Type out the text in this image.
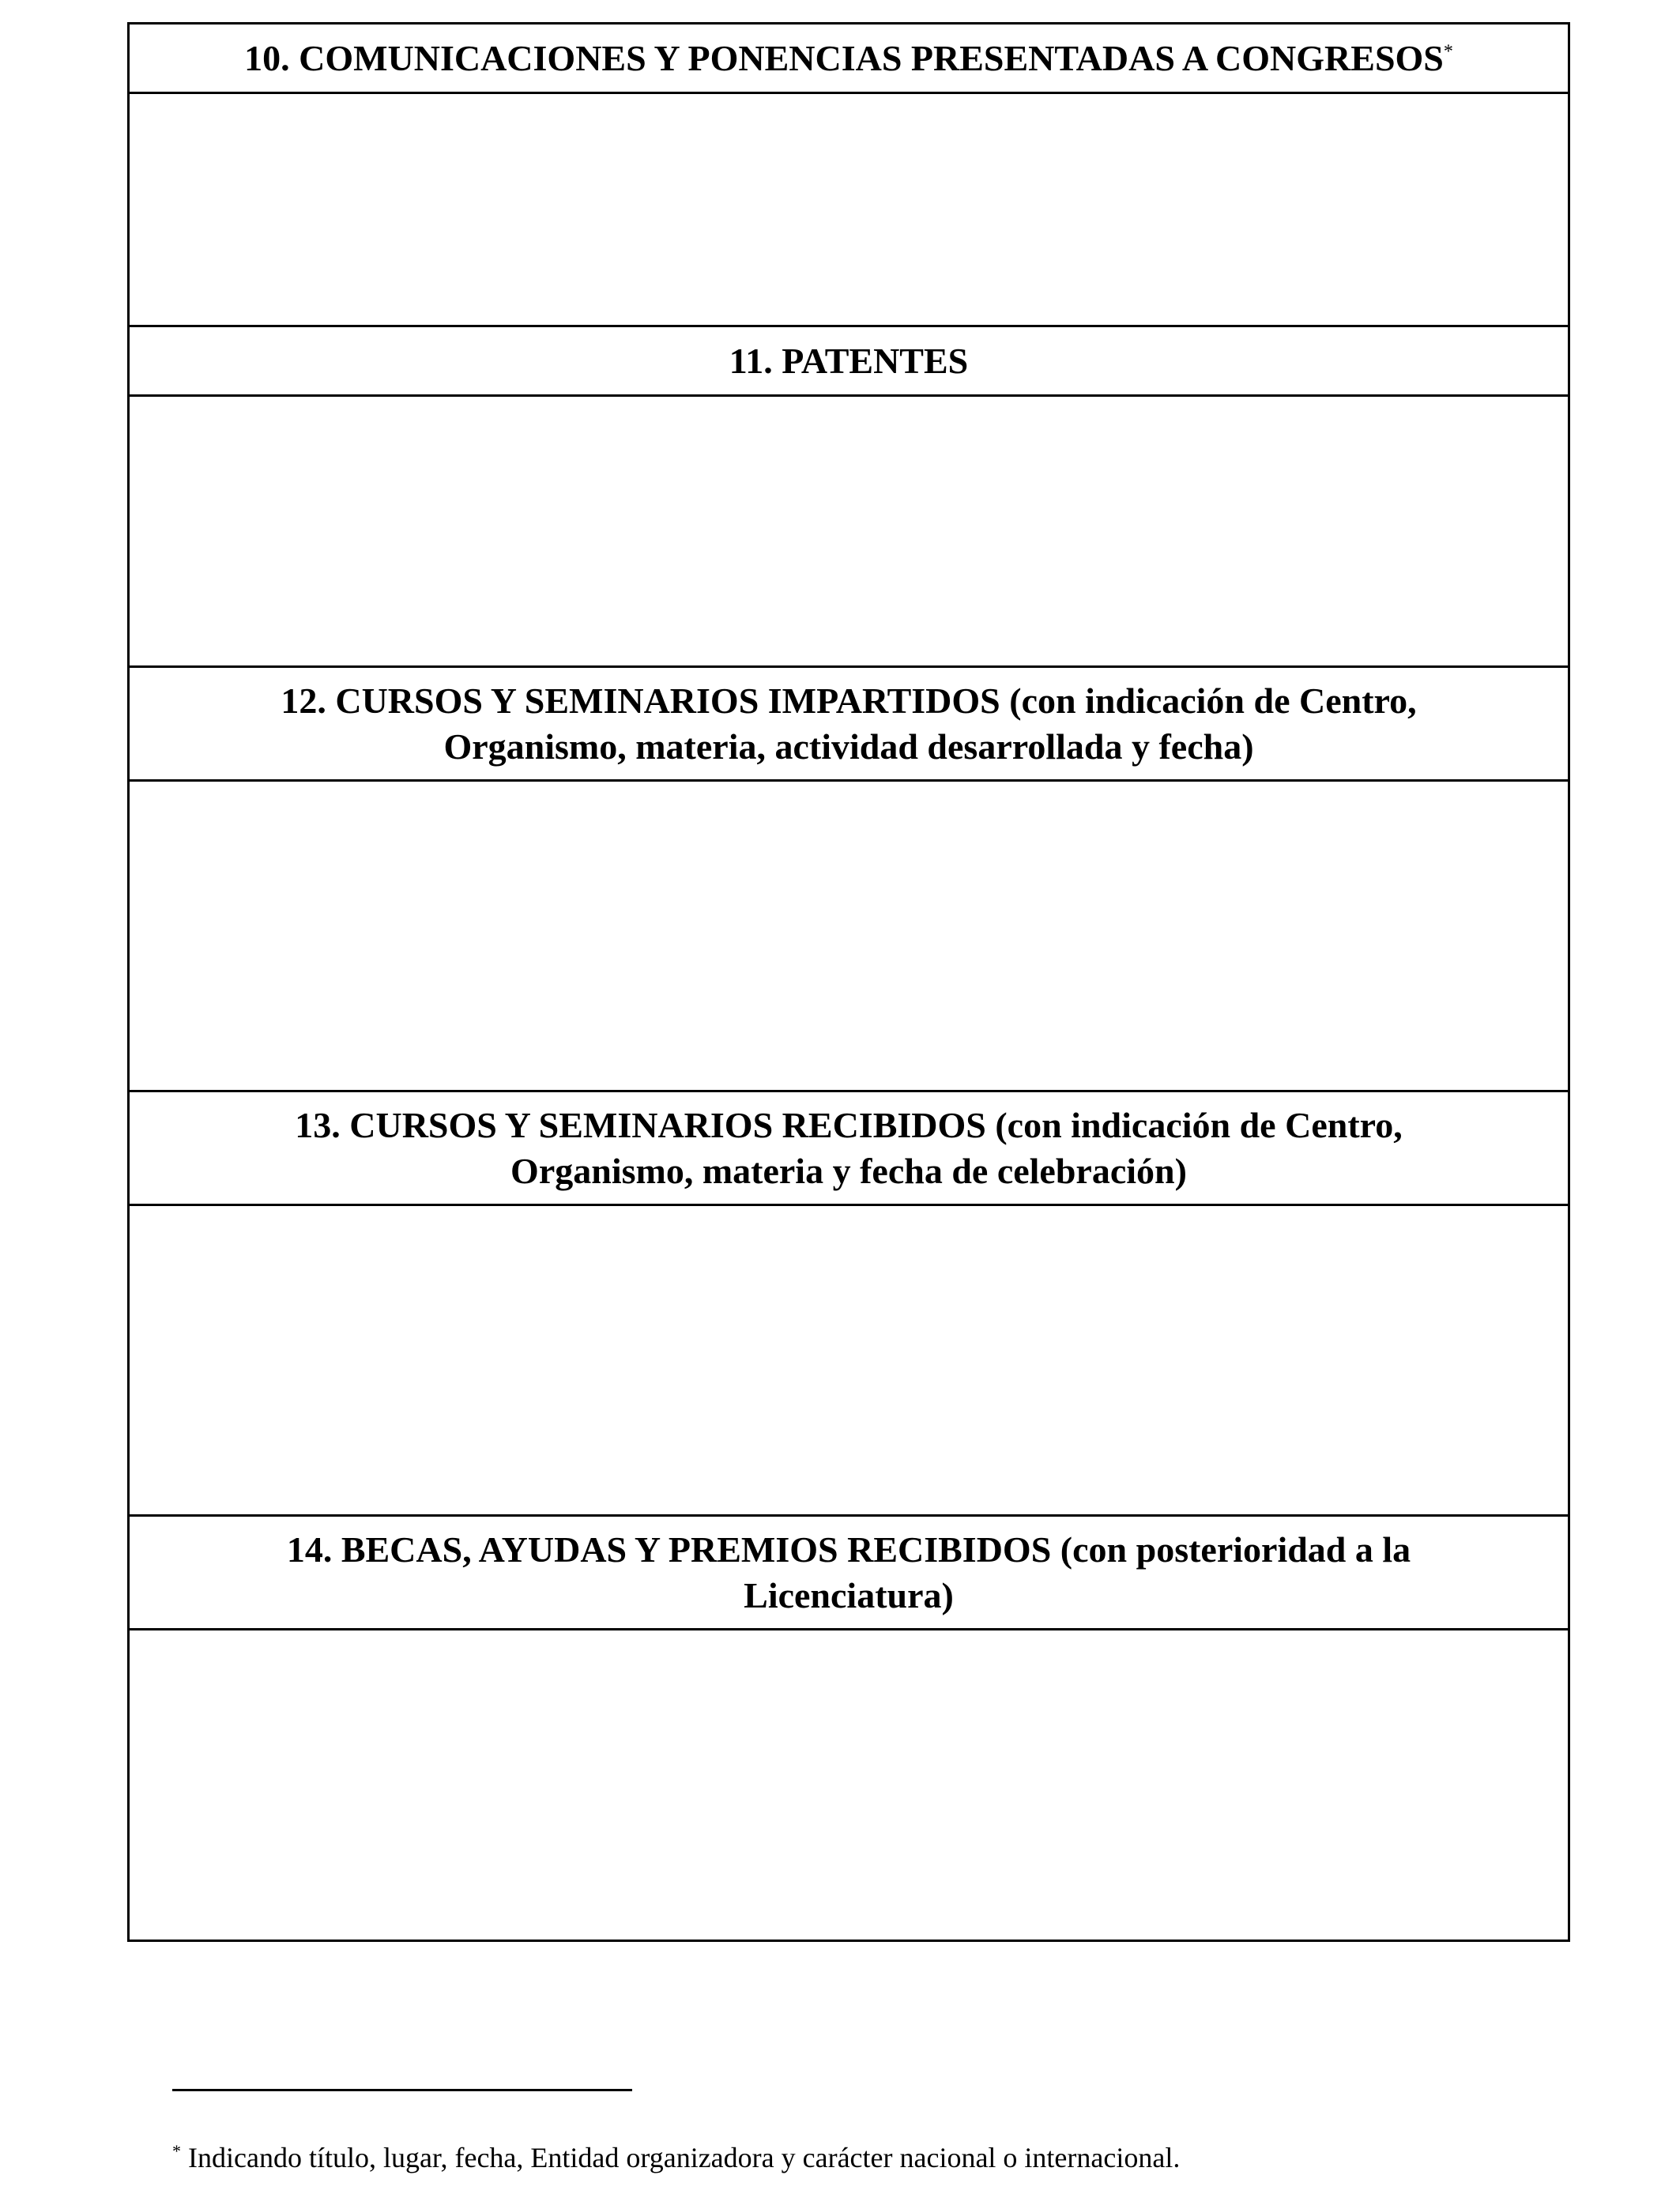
10. COMUNICACIONES Y PONENCIAS PRESENTADAS A CONGRESOS*
11. PATENTES
12. CURSOS Y SEMINARIOS IMPARTIDOS (con indicación de Centro, Organismo, materia, actividad desarrollada y fecha)
13. CURSOS Y SEMINARIOS RECIBIDOS (con indicación de Centro, Organismo, materia y fecha de celebración)
14. BECAS, AYUDAS Y PREMIOS RECIBIDOS (con posterioridad a la Licenciatura)
* Indicando título, lugar, fecha, Entidad organizadora y carácter nacional o internacional.
